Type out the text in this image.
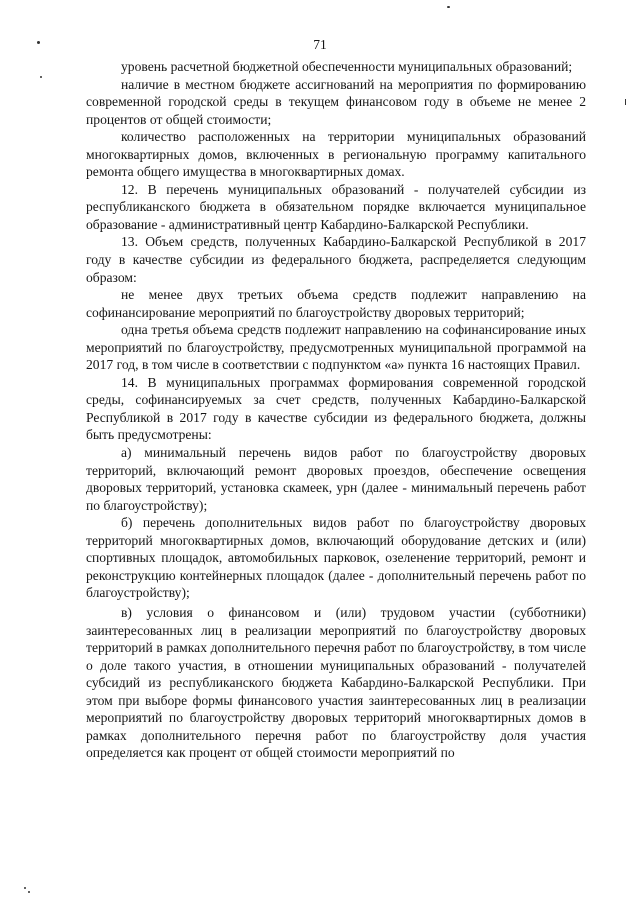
71

уровень расчетной бюджетной обеспеченности муниципальных образований;

наличие в местном бюджете ассигнований на мероприятия по формированию современной городской среды в текущем финансовом году в объеме не менее 2 процентов от общей стоимости;

количество расположенных на территории муниципальных образований многоквартирных домов, включенных в региональную программу капитального ремонта общего имущества в многоквартирных домах.

12. В перечень муниципальных образований - получателей субсидии из республиканского бюджета в обязательном порядке включается муниципальное образование - административный центр Кабардино-Балкарской Республики.

13. Объем средств, полученных Кабардино-Балкарской Республикой в 2017 году в качестве субсидии из федерального бюджета, распределяется следующим образом:

не менее двух третьих объема средств подлежит направлению на софинансирование мероприятий по благоустройству дворовых территорий;

одна третья объема средств подлежит направлению на софинансирование иных мероприятий по благоустройству, предусмотренных муниципальной программой на 2017 год, в том числе в соответствии с подпунктом «а» пункта 16 настоящих Правил.

14. В муниципальных программах формирования современной городской среды, софинансируемых за счет средств, полученных Кабардино-Балкарской Республикой в 2017 году в качестве субсидии из федерального бюджета, должны быть предусмотрены:

а) минимальный перечень видов работ по благоустройству дворовых территорий, включающий ремонт дворовых проездов, обеспечение освещения дворовых территорий, установка скамеек, урн (далее - минимальный перечень работ по благоустройству);

б) перечень дополнительных видов работ по благоустройству дворовых территорий многоквартирных домов, включающий оборудование детских и (или) спортивных площадок, автомобильных парковок, озеленение территорий, ремонт и реконструкцию контейнерных площадок (далее - дополнительный перечень работ по благоустройству);

в) условия о финансовом и (или) трудовом участии (субботники) заинтересованных лиц в реализации мероприятий по благоустройству дворовых территорий в рамках дополнительного перечня работ по благоустройству, в том числе о доле такого участия, в отношении муниципальных образований - получателей субсидий из республиканского бюджета Кабардино-Балкарской Республики. При этом при выборе формы финансового участия заинтересованных лиц в реализации мероприятий по благоустройству дворовых территорий многоквартирных домов в рамках дополнительного перечня работ по благоустройству доля участия определяется как процент от общей стоимости мероприятий по
